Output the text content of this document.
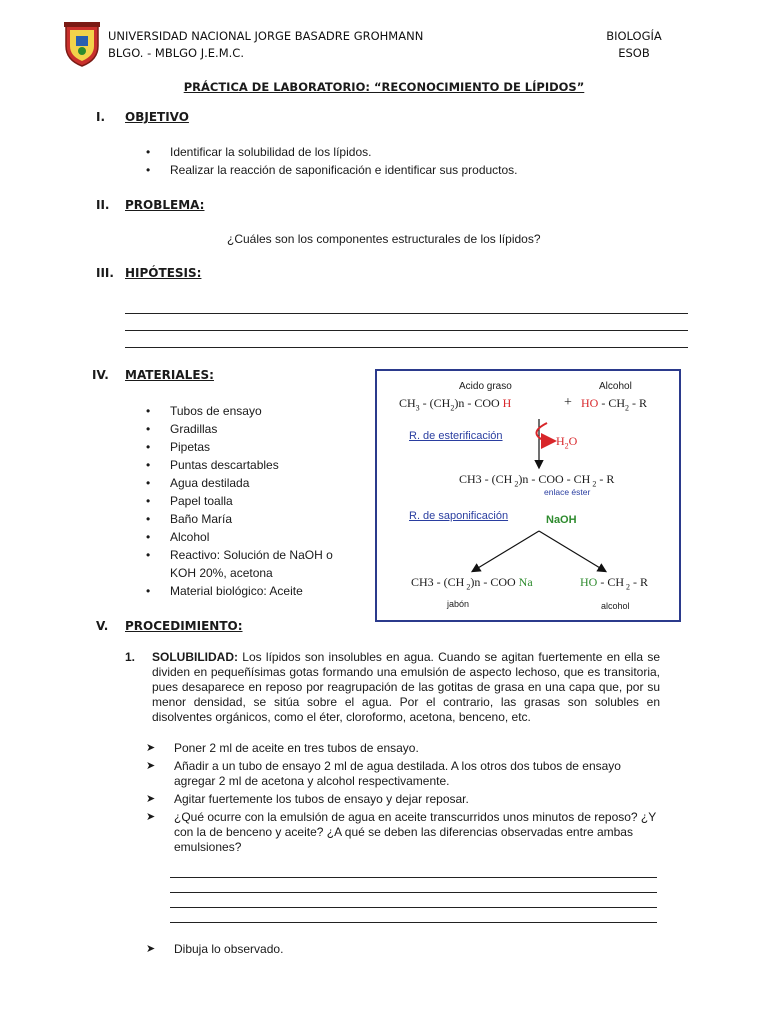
UNIVERSIDAD NACIONAL JORGE BASADRE GROHMANN
BLGO. - MBLGO J.E.M.C.
BIOLOGÍA
ESOB
PRÁCTICA DE LABORATORIO: “RECONOCIMIENTO DE LÍPIDOS”
I. OBJETIVO
• Identificar la solubilidad de los lípidos.
• Realizar la reacción de saponificación e identificar sus productos.
II. PROBLEMA:
¿Cuáles son los componentes estructurales de los lípidos?
III. HIPÓTESIS:
IV. MATERIALES:
• Tubos de ensayo
• Gradillas
• Pipetas
• Puntas descartables
• Agua destilada
• Papel toalla
• Baño María
• Alcohol
• Reactivo: Solución de NaOH o KOH 20%, acetona
• Material biológico: Aceite
Acido graso	Alcohol
$CH_3 - (CH_2)n$ - COO H	+ HO - $CH_2$ - R
R. de esterificación	$H_2O$
CH3 - (CH $_2$)n - COO - CH $_2$ - R
enlace éster
R. de saponificación	NaOH
CH3 - (CH $_2$)n - COO Na	HO - CH $_2$ - R
jabón	alcohol
V. PROCEDIMIENTO:
1. SOLUBILIDAD: Los lípidos son insolubles en agua. Cuando se agitan fuertemente en ella se dividen en pequeñísimas gotas formando una emulsión de aspecto lechoso, que es transitoria, pues desaparece en reposo por reagrupación de las gotitas de grasa en una capa que, por su menor densidad, se sitúa sobre el agua. Por el contrario, las grasas son solubles en disolventes orgánicos, como el éter, cloroformo, acetona, benceno, etc.
➤ Poner 2 ml de aceite en tres tubos de ensayo.
➤ Añadir a un tubo de ensayo 2 ml de agua destilada. A los otros dos tubos de ensayo agregar 2 ml de acetona y alcohol respectivamente.
➤ Agitar fuertemente los tubos de ensayo y dejar reposar.
➤ ¿Qué ocurre con la emulsión de agua en aceite transcurridos unos minutos de reposo? ¿Y con la de benceno y aceite? ¿A qué se deben las diferencias observadas entre ambas emulsiones?
➤ Dibuja lo observado.
